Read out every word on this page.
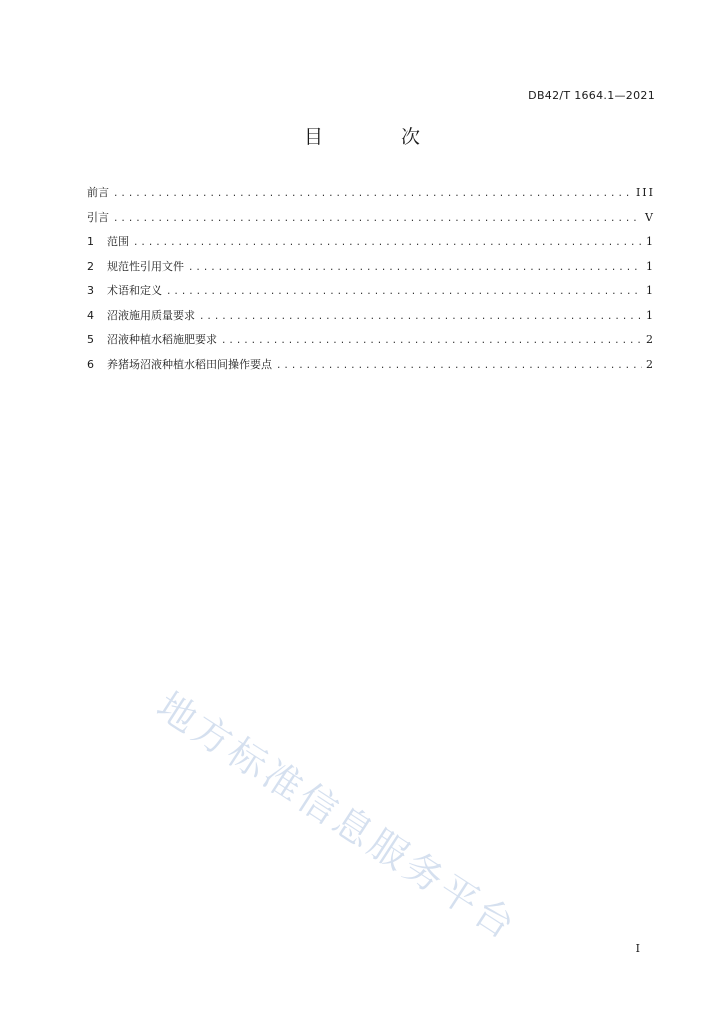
DB42/T 1664.1—2021
目 次
前言 .....	III
引言 .....	V
1	范围 .....	1
2	规范性引用文件 .....	1
3	术语和定义 .....	1
4	沼液施用质量要求 .....	1
5	沼液种植水稻施肥要求 .....	2
6	养猪场沼液种植水稻田间操作要点 .....	2
地方标准信息服务平台	I
